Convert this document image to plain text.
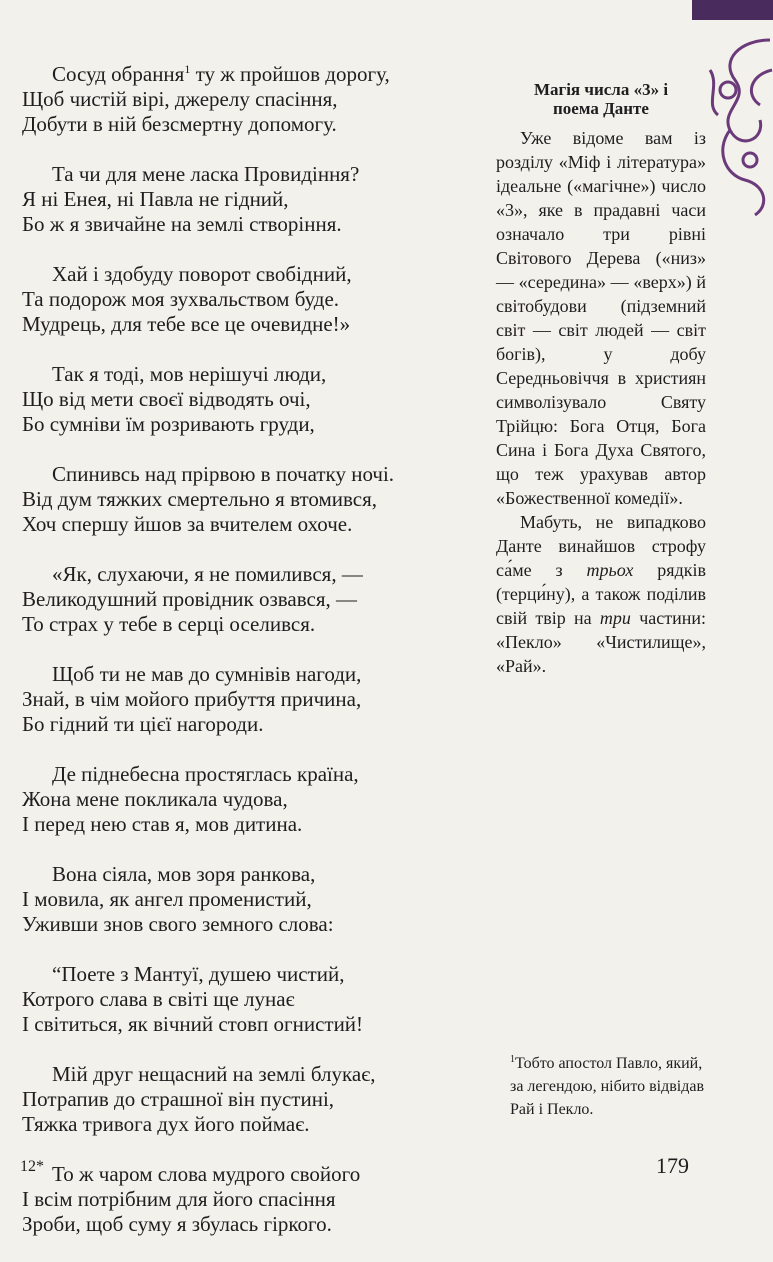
Сосуд обрання$^1$ ту ж пройшов дорогу,
Щоб чистій вірі, джерелу спасіння,
Добути в ній безсмертну допомогу.
Та чи для мене ласка Провидіння?
Я ні Енея, ні Павла не гідний,
Бо ж я звичайне на землі створіння.
Хай і здобуду поворот свобідний,
Та подорож моя зухвальством буде.
Мудрець, для тебе все це очевидне!»
Так я тоді, мов нерішучі люди,
Що від мети своєї відводять очі,
Бо сумніви їм розривають груди,
Спинивсь над прірвою в початку ночі.
Від дум тяжких смертельно я втомився,
Хоч спершу йшов за вчителем охоче.
«Як, слухаючи, я не помилився, —
Великодушний провідник озвався, —
То страх у тебе в серці оселився.
Щоб ти не мав до сумнівів нагоди,
Знай, в чім мойого прибуття причина,
Бо гідний ти цієї нагороди.
Де піднебесна простяглась країна,
Жона мене покликала чудова,
І перед нею став я, мов дитина.
Вона сіяла, мов зоря ранкова,
І мовила, як ангел променистий,
Уживши знов свого земного слова:
“Поете з Мантуї, душею чистий,
Котрого слава в світі ще лунає
І світиться, як вічний стовп огнистий!
Мій друг нещасний на землі блукає,
Потрапив до страшної він пустині,
Тяжка тривога дух його поймає.
То ж чаром слова мудрого свойого
І всім потрібним для його спасіння
Зроби, щоб суму я збулась гіркого.
Магія числа «3» і
поема Данте

Уже відоме вам із розділу «Міф і література» ідеальне («магічне») число «3», яке в прадавні часи означало три рівні Світового Дерева («низ» — «середина» — «верх») й світобудови (підземний світ — світ людей — світ богів), у добу Середньовіччя в християн символізувало Святу Трійцю: Бога Отця, Бога Сина і Бога Духа Святого, що теж урахував автор «Божественної комедії».

Мабуть, не випадково Данте винайшов строфу са́ме з трьох рядків (терци́ну), а також поділив свій твір на три частини: «Пекло» «Чистилище», «Рай».

$^1$Тобто апостол Павло, який, за легендою, нібито відвідав Рай і Пекло.
12*	179
